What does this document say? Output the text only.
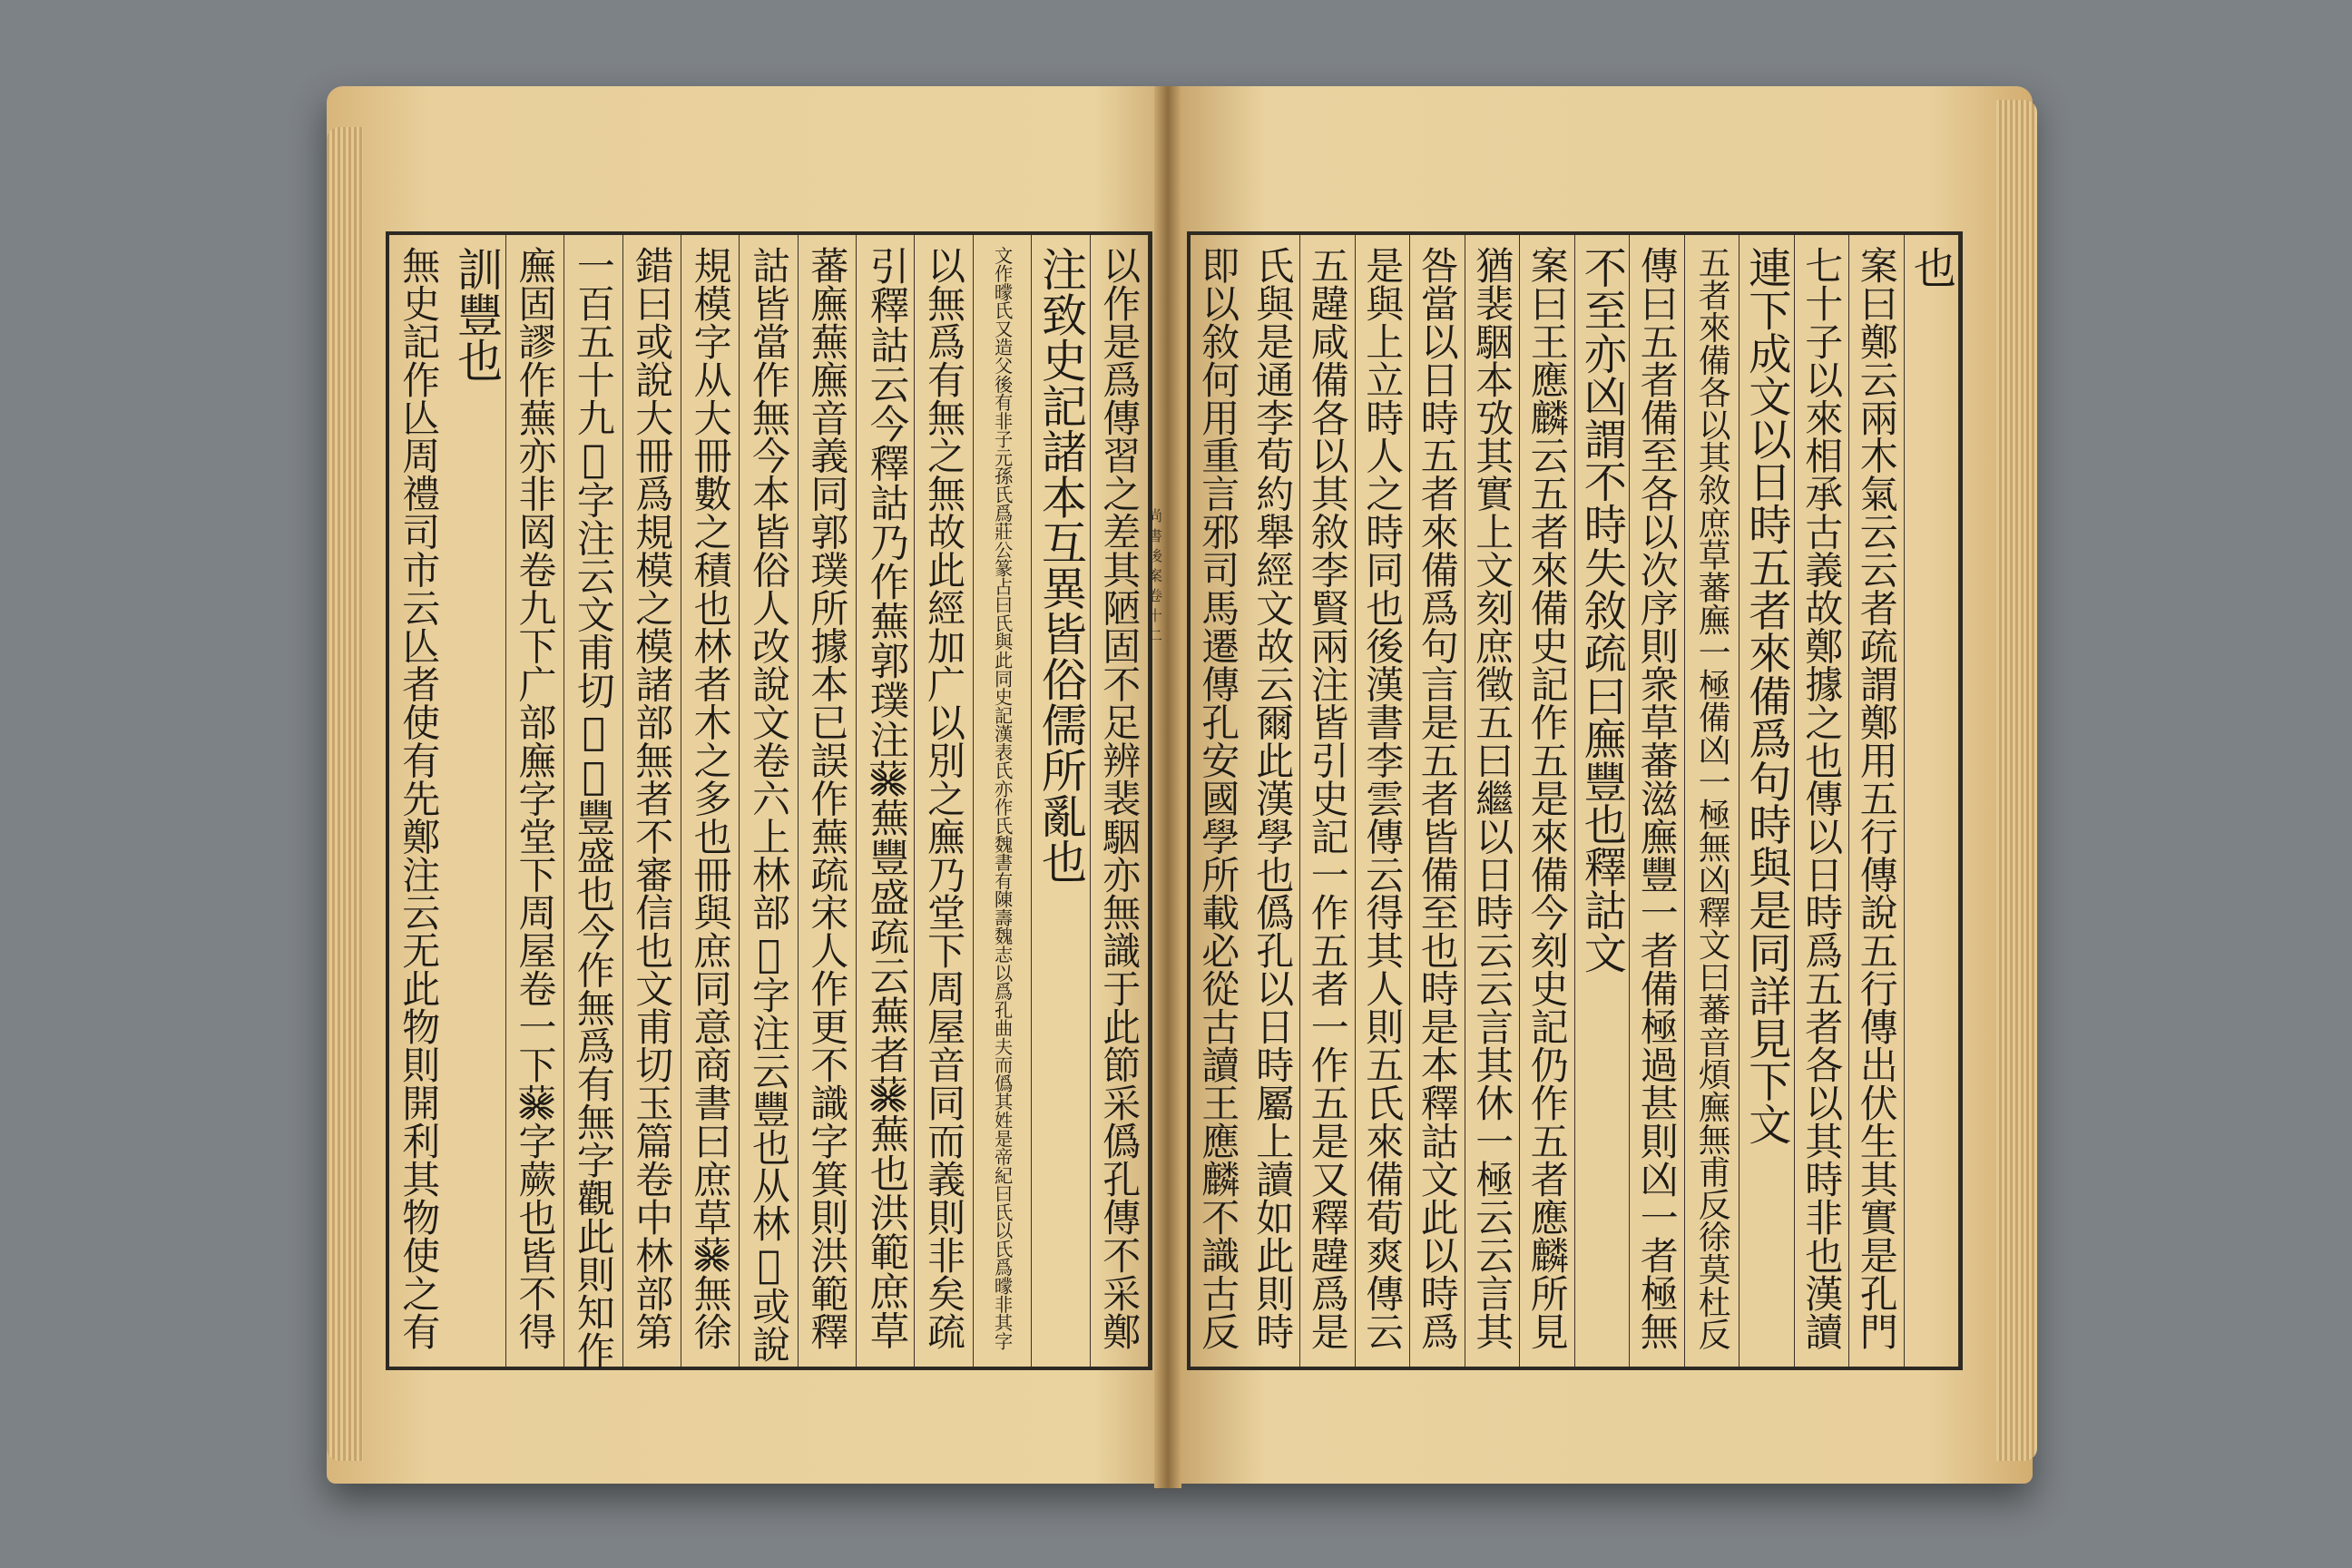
尚書後案卷十二
以作是爲傳習之差其陋固不足辨裴駰亦無識于此節采僞孔傳不采鄭
注致史記諸本互異皆俗儒所亂也
文作𣋡氏又造父後有非子元孫氏爲莊公篆占曰氏與此同史記漢表氏亦作氏魏書有陳壽魏志以爲孔曲夫而僞其姓是帝紀曰氏以氏爲𣋡非其字
以無爲有無之無故此經加广以別之廡乃堂下周屋音同而義則非矣疏
引釋詁云今釋詁乃作蕪郭璞注𦮙蕪豐盛疏云蕪者𦮙蕪也洪範庶草
蕃廡蕪廡音義同郭璞所據本已誤作蕪疏宋人作更不識字箕則洪範釋
詁皆當作無今本皆俗人改說文卷六上林部𣞣字注云豐也从林𣞤或說
規模字从大冊數之積也林者木之多也冊與庶同意商書曰庶草𦮙無徐
錯曰或說大冊爲規模之模諸部無者不審信也文甫切玉篇卷中林部第
一百五十九𣞣字注云文甫切𦮙𣞣豐盛也今作無爲有無字觀此則知作
廡固謬作蕪亦非㒺卷九下广部廡字堂下周屋卷一下𦮙字蕨也皆不得
訓豐也
無史記作亾周禮司市云亾者使有先鄭注云无此物則開利其物使之有	也
案曰鄭云兩木氣云云者疏謂鄭用五行傳說五行傳出伏生其實是孔門
七十子以來相承古義故鄭據之也傳以日時爲五者各以其時非也漢讀
連下成文以日時五者來備爲句時與是同詳見下文
五者來備各以其敘庶草蕃廡一極備凶一極無凶釋文曰蕃音煩廡無甫反徐莫杜反
傳曰五者備至各以次序則衆草蕃滋廡豐一者備極過甚則凶一者極無
不至亦凶謂不時失敘疏曰廡豐也釋詁文
案曰王應麟云五者來備史記作五是來備今刻史記仍作五者應麟所見
猶裴駰本攷其實上文刻庶徵五曰繼以日時云云言其休一極云云言其
咎當以日時五者來備爲句言是五者皆備至也時是本釋詁文此以時爲
是與上立時人之時同也後漢書李雲傳云得其人則五氏來備荀爽傳云
五韙咸備各以其敘李賢兩注皆引史記一作五者一作五是又釋韙爲是
氏與是通李荀約舉經文故云爾此漢學也僞孔以日時屬上讀如此則時
即以敘何用重言邪司馬遷傳孔安國學所載必從古讀王應麟不識古反
